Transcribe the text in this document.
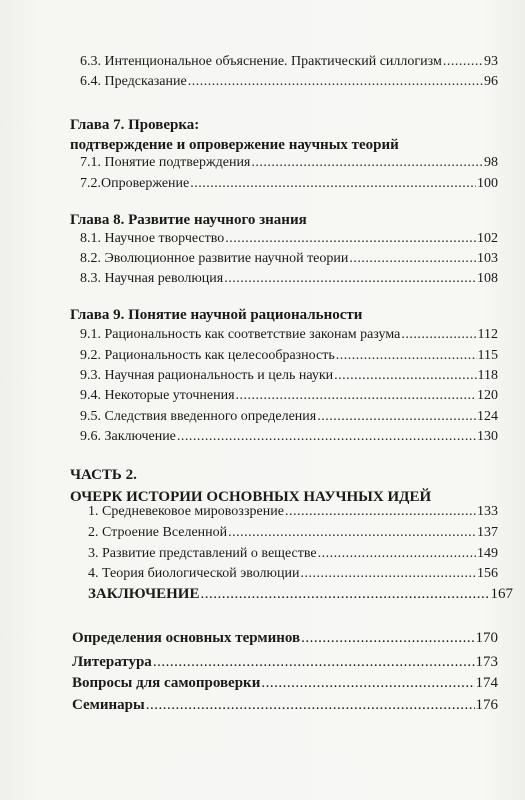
6.3. Интенциональное объяснение. Практический силлогизм .....	93
6.4. Предсказание .....	96
Глава 7. Проверка:
подтверждение и опровержение научных теорий
7.1. Понятие подтверждения .....	98
7.2.Опровержение .....	100
Глава 8. Развитие научного знания
8.1. Научное творчество .....	102
8.2. Эволюционное развитие научной теории .....	103
8.3. Научная революция .....	108
Глава 9. Понятие научной рациональности
9.1. Рациональность как соответствие законам разума .....	112
9.2. Рациональность как целесообразность .....	115
9.3. Научная рациональность и цель науки .....	118
9.4. Некоторые уточнения .....	120
9.5. Следствия введенного определения .....	124
9.6. Заключение .....	130
ЧАСТЬ 2.
ОЧЕРК ИСТОРИИ ОСНОВНЫХ НАУЧНЫХ ИДЕЙ
1. Средневековое мировоззрение .....	133
2. Строение Вселенной .....	137
3. Развитие представлений о веществе .....	149
4. Теория биологической эволюции .....	156
ЗАКЛЮЧЕНИЕ .....	167
Определения основных терминов .....	170
Литература .....	173
Вопросы для самопроверки .....	174
Семинары .....	176
